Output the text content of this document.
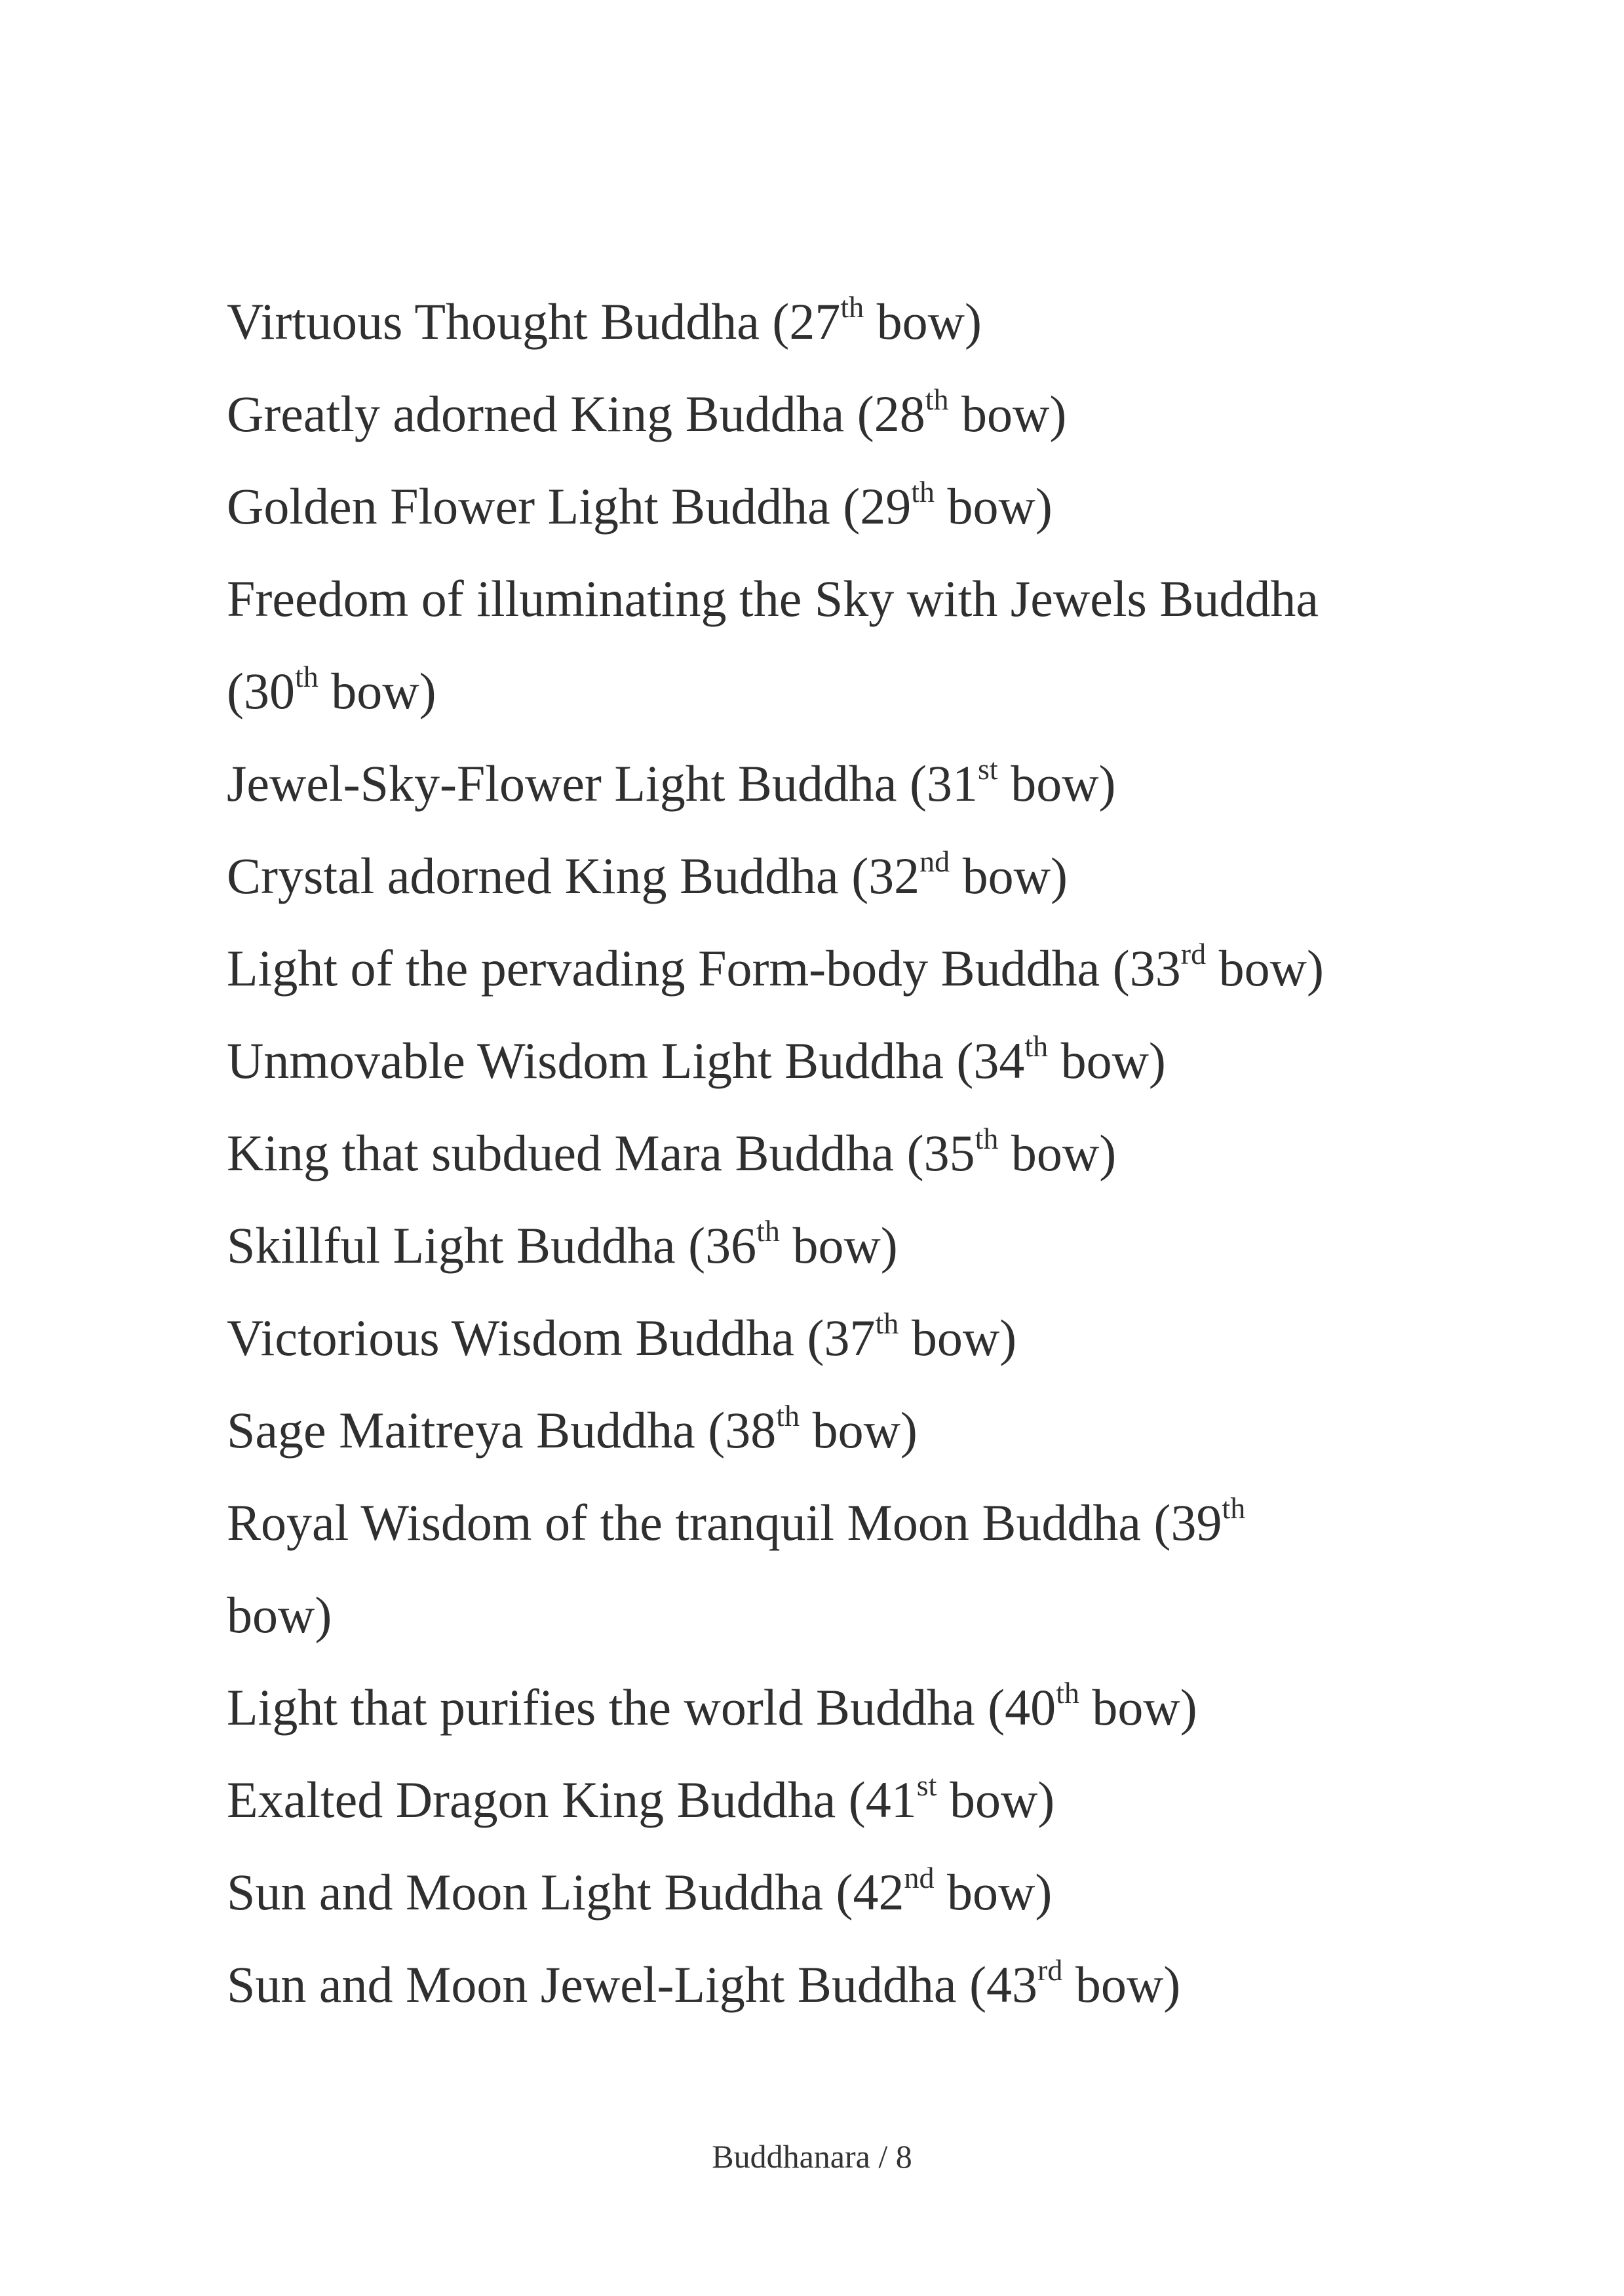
Virtuous Thought Buddha (27th bow)
Greatly adorned King Buddha (28th bow)
Golden Flower Light Buddha (29th bow)
Freedom of illuminating the Sky with Jewels Buddha
(30th bow)
Jewel-Sky-Flower Light Buddha (31st bow)
Crystal adorned King Buddha (32nd bow)
Light of the pervading Form-body Buddha (33rd bow)
Unmovable Wisdom Light Buddha (34th bow)
King that subdued Mara Buddha (35th bow)
Skillful Light Buddha (36th bow)
Victorious Wisdom Buddha (37th bow)
Sage Maitreya Buddha (38th bow)
Royal Wisdom of the tranquil Moon Buddha (39th
bow)
Light that purifies the world Buddha (40th bow)
Exalted Dragon King Buddha (41st bow)
Sun and Moon Light Buddha (42nd bow)
Sun and Moon Jewel-Light Buddha (43rd bow)
Buddhanara / 8
